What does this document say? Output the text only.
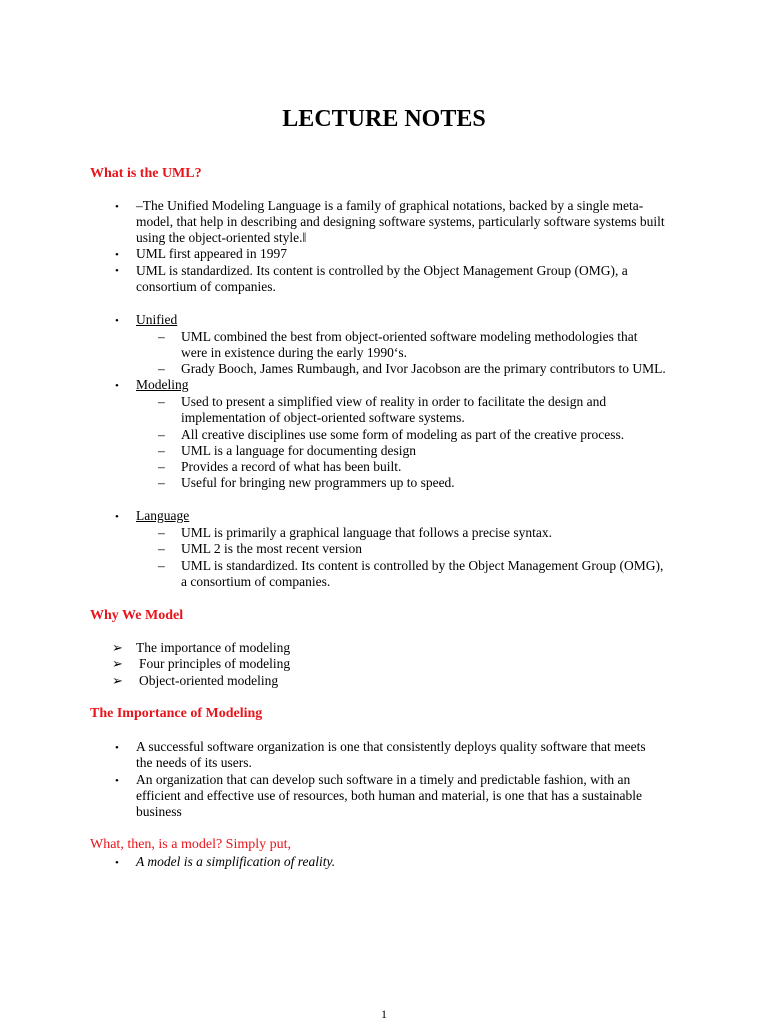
LECTURE NOTES
What is the UML?
• –The Unified Modeling Language is a family of graphical notations, backed by a single meta-
model, that help in describing and designing software systems, particularly software systems built
using the object-oriented style.‖
• UML first appeared in 1997
• UML is standardized. Its content is controlled by the Object Management Group (OMG), a
consortium of companies.
• Unified
– UML combined the best from object-oriented software modeling methodologies that
were in existence during the early 1990‘s.
– Grady Booch, James Rumbaugh, and Ivor Jacobson are the primary contributors to UML.
• Modeling
– Used to present a simplified view of reality in order to facilitate the design and
implementation of object-oriented software systems.
– All creative disciplines use some form of modeling as part of the creative process.
– UML is a language for documenting design
– Provides a record of what has been built.
– Useful for bringing new programmers up to speed.
• Language
– UML is primarily a graphical language that follows a precise syntax.
– UML 2 is the most recent version
– UML is standardized. Its content is controlled by the Object Management Group (OMG),
a consortium of companies.
Why We Model
➢ The importance of modeling
➢ Four principles of modeling
➢ Object-oriented modeling
The Importance of Modeling
• A successful software organization is one that consistently deploys quality software that meets
the needs of its users.
• An organization that can develop such software in a timely and predictable fashion, with an
efficient and effective use of resources, both human and material, is one that has a sustainable
business
What, then, is a model? Simply put,
• A model is a simplification of reality.
1
